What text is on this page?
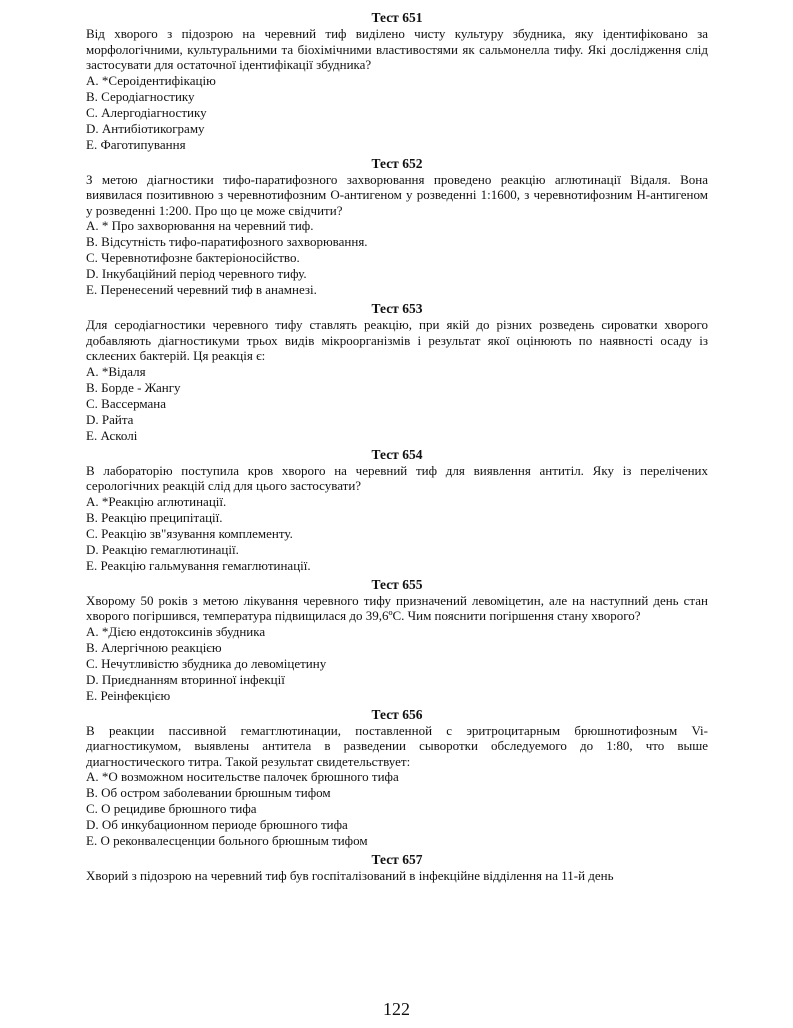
Тест 651

Від хворого з підозрою на черевний тиф виділено чисту культуру збудника, яку ідентифіковано за морфологічними, культуральними та біохімічними властивостями як сальмонелла тифу. Які дослідження слід застосувати для остаточної ідентифікації збудника?

A. *Сероідентифікацію
B. Серодіагностику
C. Алергодіагностику
D. Антибіотикограму
E. Фаготипування
Тест 652

З метою діагностики тифо-паратифозного захворювання проведено реакцію аглютинації Відаля. Вона виявилася позитивною з черевнотифозним О-антигеном у розведенні 1:1600, з черевнотифозним Н-антигеном у розведенні 1:200. Про що це може свідчити?

A. * Про захворювання на черевний тиф.
B. Відсутність тифо-паратифозного захворювання.
C. Черевнотифозне бактеріоносійство.
D. Інкубаційний період черевного тифу.
E. Перенесений черевний тиф в анамнезі.
Тест 653

Для серодіагностики черевного тифу ставлять реакцію, при якій до різних розведень сироватки хворого добавляють діагностикуми трьох видів мікроорганізмів і результат якої оцінюють по наявності осаду із склеєних бактерій. Ця реакція є:

A. *Відаля
B. Борде - Жангу
C. Вассермана
D. Райта
E. Асколі
Тест 654

В лабораторію поступила кров хворого на черевний тиф для виявлення антитіл. Яку із перелічених серологічних реакцій слід для цього застосувати?

A. *Реакцію аглютинації.
B. Реакцію преципітації.
C. Реакцію зв"язування комплементу.
D. Реакцію гемаглютинації.
E. Реакцію гальмування гемаглютинації.
Тест 655

Хворому 50 років з метою лікування черевного тифу призначений левоміцетин, але на наступний день стан хворого погіршився, температура підвищилася до 39,6ºС. Чим пояснити погіршення стану хворого?

A. *Дією ендотоксинів збудника
B. Алергічною реакцією
C. Нечутливістю збудника до левоміцетину
D. Приєднанням вторинної інфекції
E. Реінфекцією
Тест 656

В реакции пассивной гемагглютинации, поставленной с эритроцитарным брюшнотифозным Vi-диагностикумом, выявлены антитела в разведении сыворотки обследуемого до 1:80, что выше диагностического титра. Такой результат свидетельствует:

A. *О возможном носительстве палочек брюшного тифа
B. Об остром заболевании брюшным тифом
C. О рецидиве брюшного тифа
D. Об инкубационном периоде брюшного тифа
E. О реконвалесценции больного брюшным тифом
Тест 657

Хворий з підозрою на черевний тиф був госпіталізований в інфекційне відділення на 11-й день

122
